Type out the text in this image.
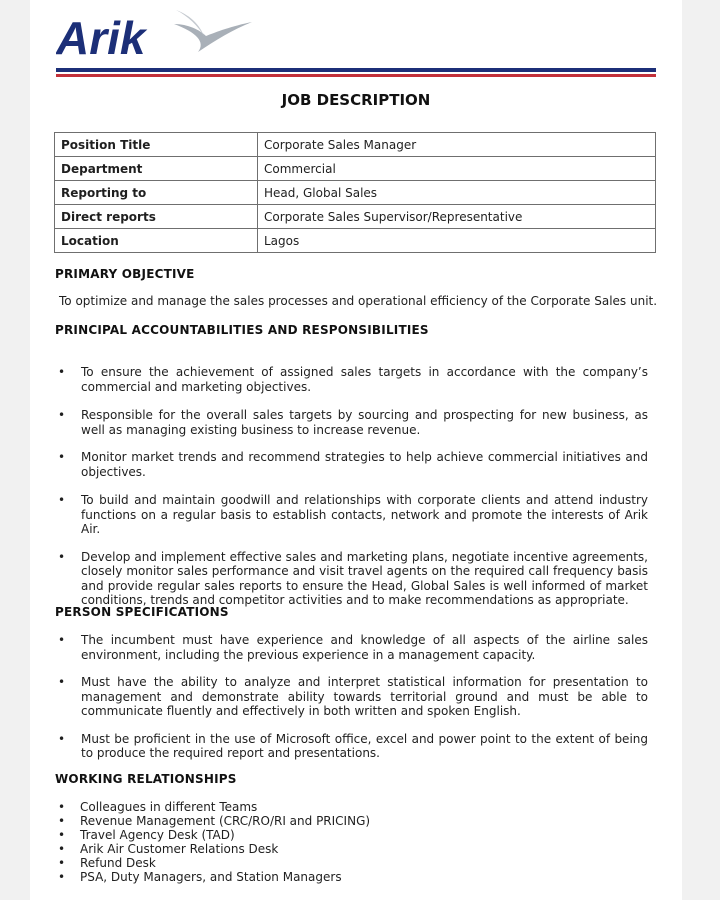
Arik
JOB DESCRIPTION
Position Title	Corporate Sales Manager
Department	Commercial
Reporting to	Head, Global Sales
Direct reports	Corporate Sales Supervisor/Representative
Location	Lagos
PRIMARY OBJECTIVE
To optimize and manage the sales processes and operational efficiency of the Corporate Sales unit.
PRINCIPAL ACCOUNTABILITIES AND RESPONSIBILITIES
• To ensure the achievement of assigned sales targets in accordance with the company’s commercial and marketing objectives.
• Responsible for the overall sales targets by sourcing and prospecting for new business, as well as managing existing business to increase revenue.
• Monitor market trends and recommend strategies to help achieve commercial initiatives and objectives.
• To build and maintain goodwill and relationships with corporate clients and attend industry functions on a regular basis to establish contacts, network and promote the interests of Arik Air.
• Develop and implement effective sales and marketing plans, negotiate incentive agreements, closely monitor sales performance and visit travel agents on the required call frequency basis and provide regular sales reports to ensure the Head, Global Sales is well informed of market conditions, trends and competitor activities and to make recommendations as appropriate.
PERSON SPECIFICATIONS
• The incumbent must have experience and knowledge of all aspects of the airline sales environment, including the previous experience in a management capacity.
• Must have the ability to analyze and interpret statistical information for presentation to management and demonstrate ability towards territorial ground and must be able to communicate fluently and effectively in both written and spoken English.
• Must be proficient in the use of Microsoft office, excel and power point to the extent of being to produce the required report and presentations.
WORKING RELATIONSHIPS
• Colleagues in different Teams
• Revenue Management (CRC/RO/RI and PRICING)
• Travel Agency Desk (TAD)
• Arik Air Customer Relations Desk
• Refund Desk
• PSA, Duty Managers, and Station Managers
